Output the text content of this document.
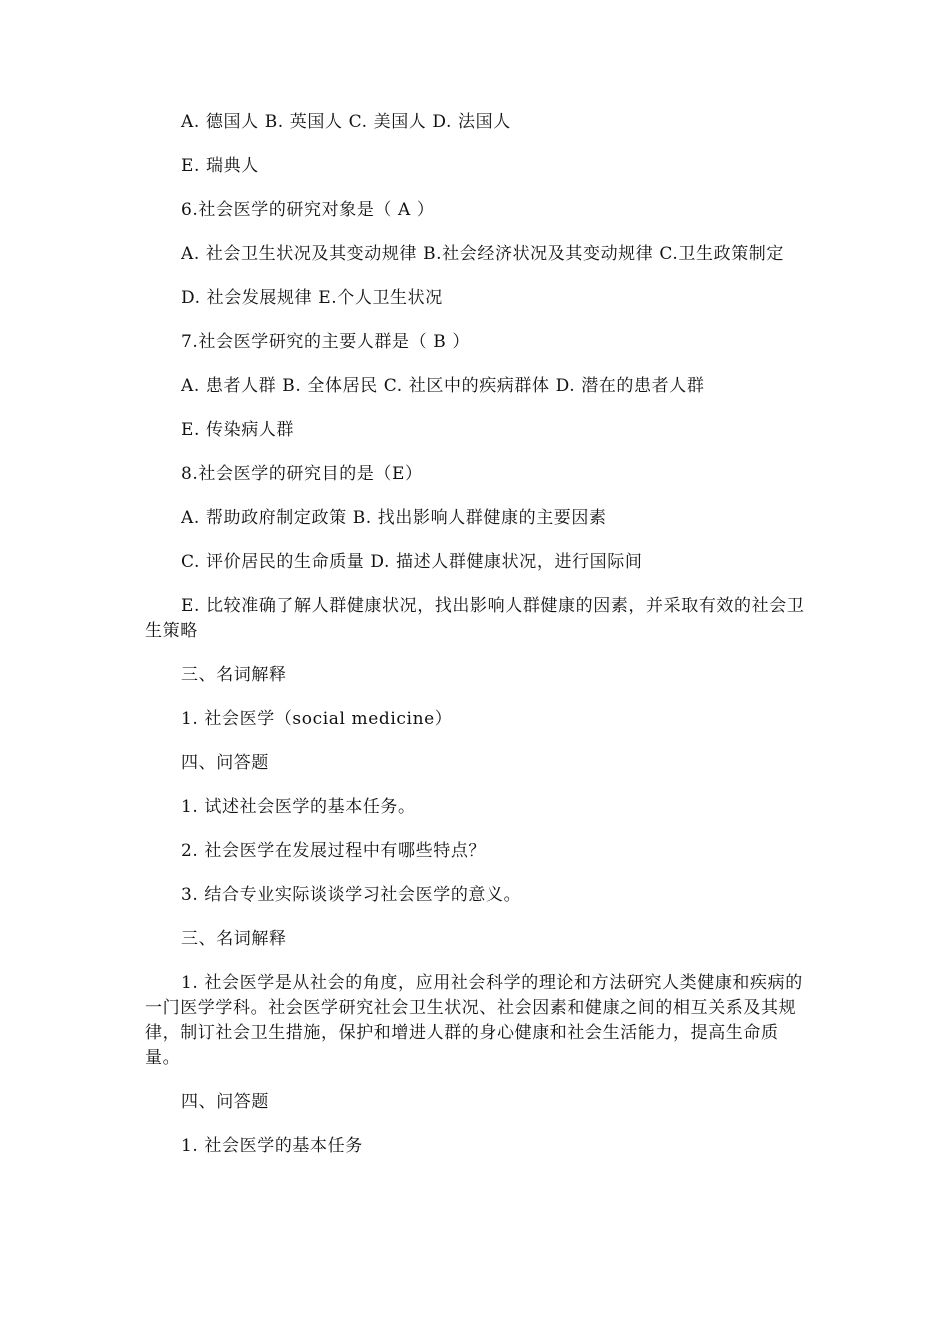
A. 德国人 B. 英国人 C. 美国人 D. 法国人

E. 瑞典人

6.社会医学的研究对象是（ A ）

A. 社会卫生状况及其变动规律 B.社会经济状况及其变动规律 C.卫生政策制定

D. 社会发展规律 E.个人卫生状况

7.社会医学研究的主要人群是（ B ）

A. 患者人群 B. 全体居民 C. 社区中的疾病群体 D. 潜在的患者人群

E. 传染病人群

8.社会医学的研究目的是（E）

A. 帮助政府制定政策 B. 找出影响人群健康的主要因素

C. 评价居民的生命质量 D. 描述人群健康状况，进行国际间

E. 比较准确了解人群健康状况，找出影响人群健康的因素，并采取有效的社会卫生策略

三、名词解释

1. 社会医学（social medicine）

四、问答题

1. 试述社会医学的基本任务。

2. 社会医学在发展过程中有哪些特点？

3. 结合专业实际谈谈学习社会医学的意义。

三、名词解释

1. 社会医学是从社会的角度，应用社会科学的理论和方法研究人类健康和疾病的一门医学学科。社会医学研究社会卫生状况、社会因素和健康之间的相互关系及其规律，制订社会卫生措施，保护和增进人群的身心健康和社会生活能力，提高生命质量。

四、问答题

1. 社会医学的基本任务
